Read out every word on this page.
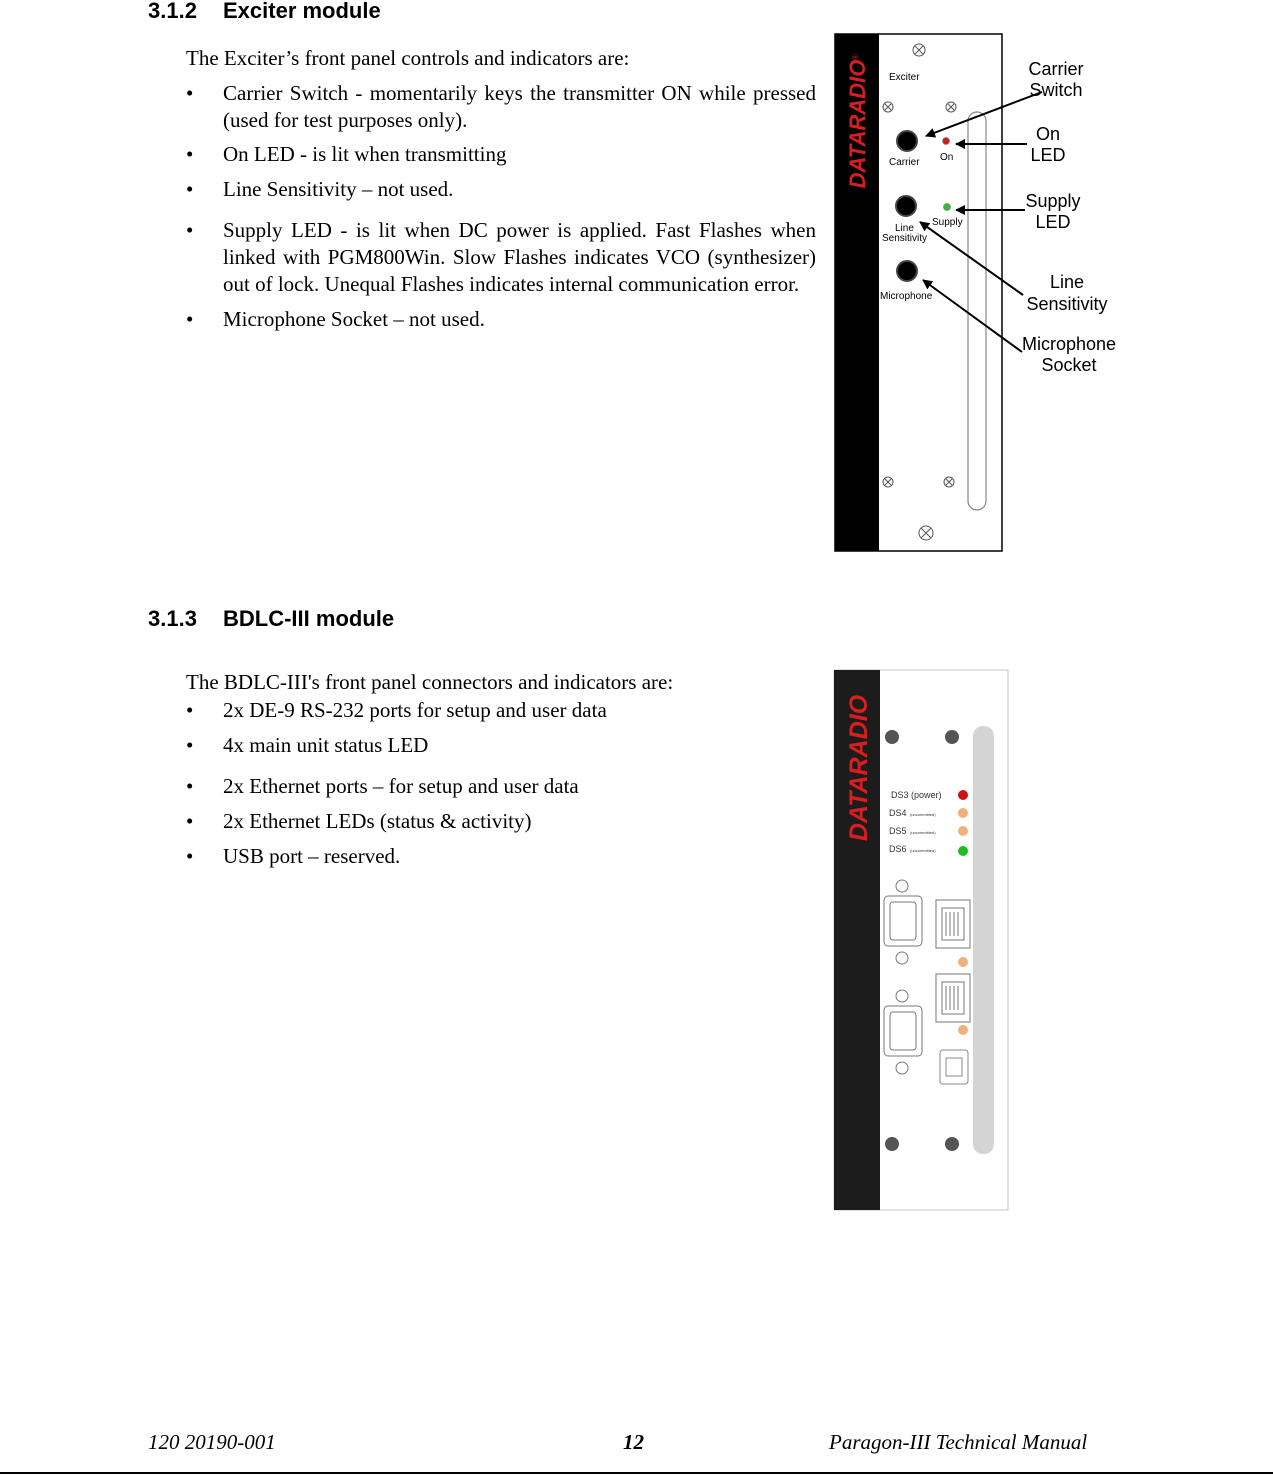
3.1.2 Exciter module
The Exciter’s front panel controls and indicators are:
• Carrier Switch - momentarily keys the transmitter ON while pressed (used for test purposes only).
• On LED - is lit when transmitting
• Line Sensitivity – not used.
• Supply LED - is lit when DC power is applied. Fast Flashes when linked with PGM800Win. Slow Flashes indicates VCO (synthesizer) out of lock. Unequal Flashes indicates internal communication error.
• Microphone Socket – not used.
DATARADIO
®
Exciter
Carrier On
Line
Sensitivity
Supply
Microphone
Carrier
Switch
On
LED
Supply
LED
Line
Sensitivity
Microphone
Socket
3.1.3 BDLC-III module
The BDLC-III's front panel connectors and indicators are:
• 2x DE-9 RS-232 ports for setup and user data
• 4x main unit status LED
• 2x Ethernet ports – for setup and user data
• 2x Ethernet LEDs (status & activity)
• USB port – reserved.
DATARADIO DS3 (power)
DS4 (uncommitted)
DS5 (uncommitted)
DS6 (uncommitted)
120 20190-001	12	Paragon-III Technical Manual
